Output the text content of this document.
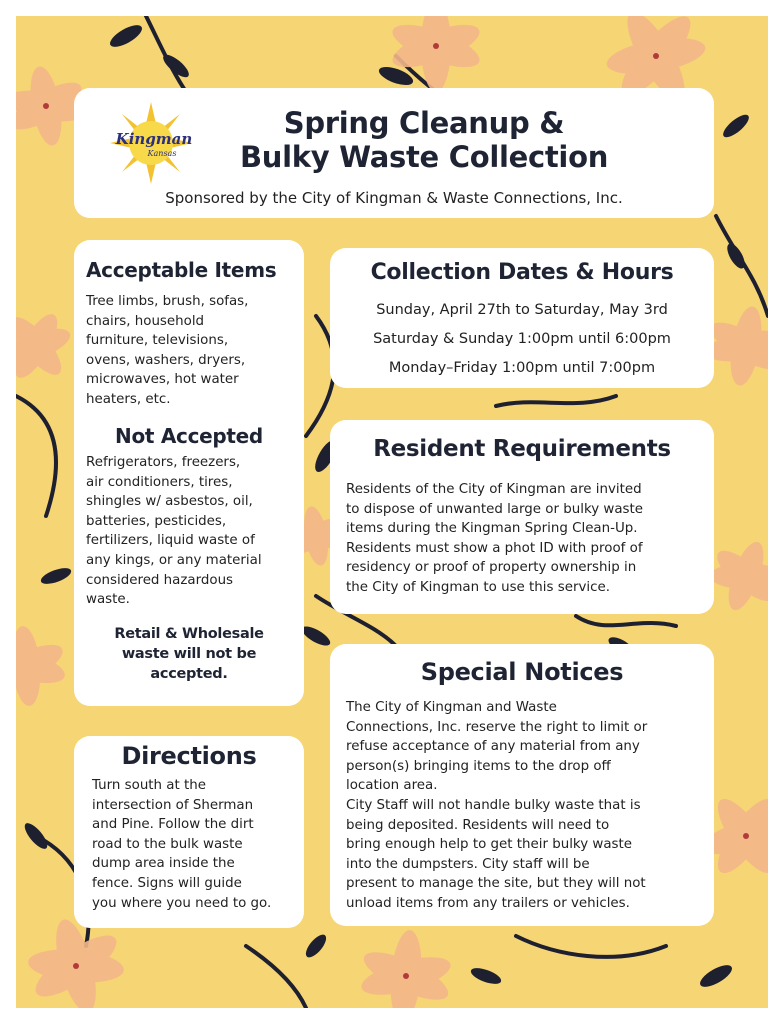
Kingman
Kansas
Spring Cleanup &
Bulky Waste Collection
Sponsored by the City of Kingman & Waste Connections, Inc.
Acceptable Items
Tree limbs, brush, sofas,
chairs, household
furniture, televisions,
ovens, washers, dryers,
microwaves, hot water
heaters, etc.
Not Accepted
Refrigerators, freezers,
air conditioners, tires,
shingles w/ asbestos, oil,
batteries, pesticides,
fertilizers, liquid waste of
any kings, or any material
considered hazardous
waste.
Retail & Wholesale
waste will not be
accepted.
Directions
Turn south at the
intersection of Sherman
and Pine. Follow the dirt
road to the bulk waste
dump area inside the
fence. Signs will guide
you where you need to go.
Collection Dates & Hours
Sunday, April 27th to Saturday, May 3rd
Saturday & Sunday 1:00pm until 6:00pm
Monday–Friday 1:00pm until 7:00pm
Resident Requirements
Residents of the City of Kingman are invited
to dispose of unwanted large or bulky waste
items during the Kingman Spring Clean-Up.
Residents must show a phot ID with proof of
residency or proof of property ownership in
the City of Kingman to use this service.
Special Notices
The City of Kingman and Waste
Connections, Inc. reserve the right to limit or
refuse acceptance of any material from any
person(s) bringing items to the drop off
location area.
City Staff will not handle bulky waste that is
being deposited. Residents will need to
bring enough help to get their bulky waste
into the dumpsters. City staff will be
present to manage the site, but they will not
unload items from any trailers or vehicles.
